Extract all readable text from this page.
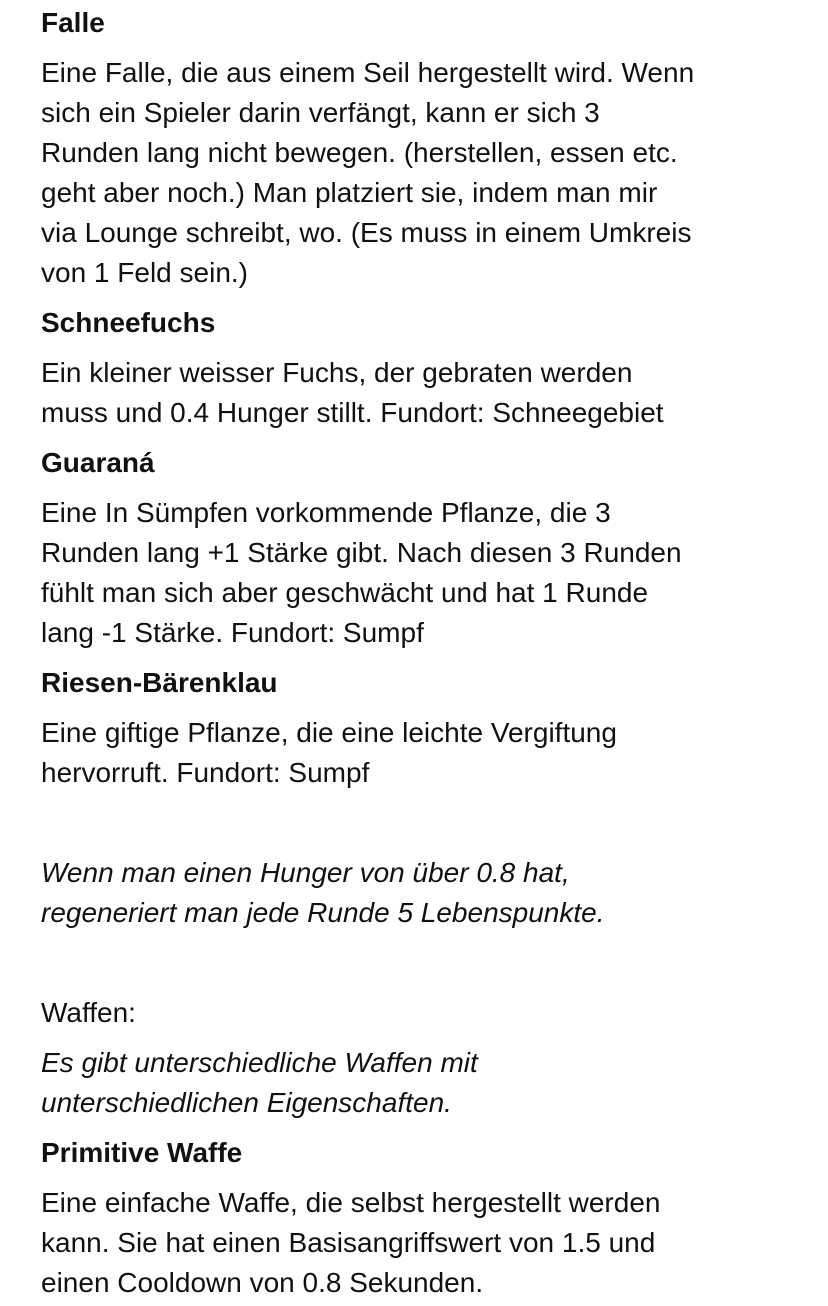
Falle
Eine Falle, die aus einem Seil hergestellt wird. Wenn
sich ein Spieler darin verfängt, kann er sich 3
Runden lang nicht bewegen. (herstellen, essen etc.
geht aber noch.) Man platziert sie, indem man mir
via Lounge schreibt, wo. (Es muss in einem Umkreis
von 1 Feld sein.)
Schneefuchs
Ein kleiner weisser Fuchs, der gebraten werden
muss und 0.4 Hunger stillt. Fundort: Schneegebiet
Guaraná
Eine In Sümpfen vorkommende Pflanze, die 3
Runden lang +1 Stärke gibt. Nach diesen 3 Runden
fühlt man sich aber geschwächt und hat 1 Runde
lang -1 Stärke. Fundort: Sumpf
Riesen-Bärenklau
Eine giftige Pflanze, die eine leichte Vergiftung
hervorruft. Fundort: Sumpf
Wenn man einen Hunger von über 0.8 hat,
regeneriert man jede Runde 5 Lebenspunkte.
Waffen:
Es gibt unterschiedliche Waffen mit
unterschiedlichen Eigenschaften.
Primitive Waffe
Eine einfache Waffe, die selbst hergestellt werden
kann. Sie hat einen Basisangriffswert von 1.5 und
einen Cooldown von 0.8 Sekunden.
